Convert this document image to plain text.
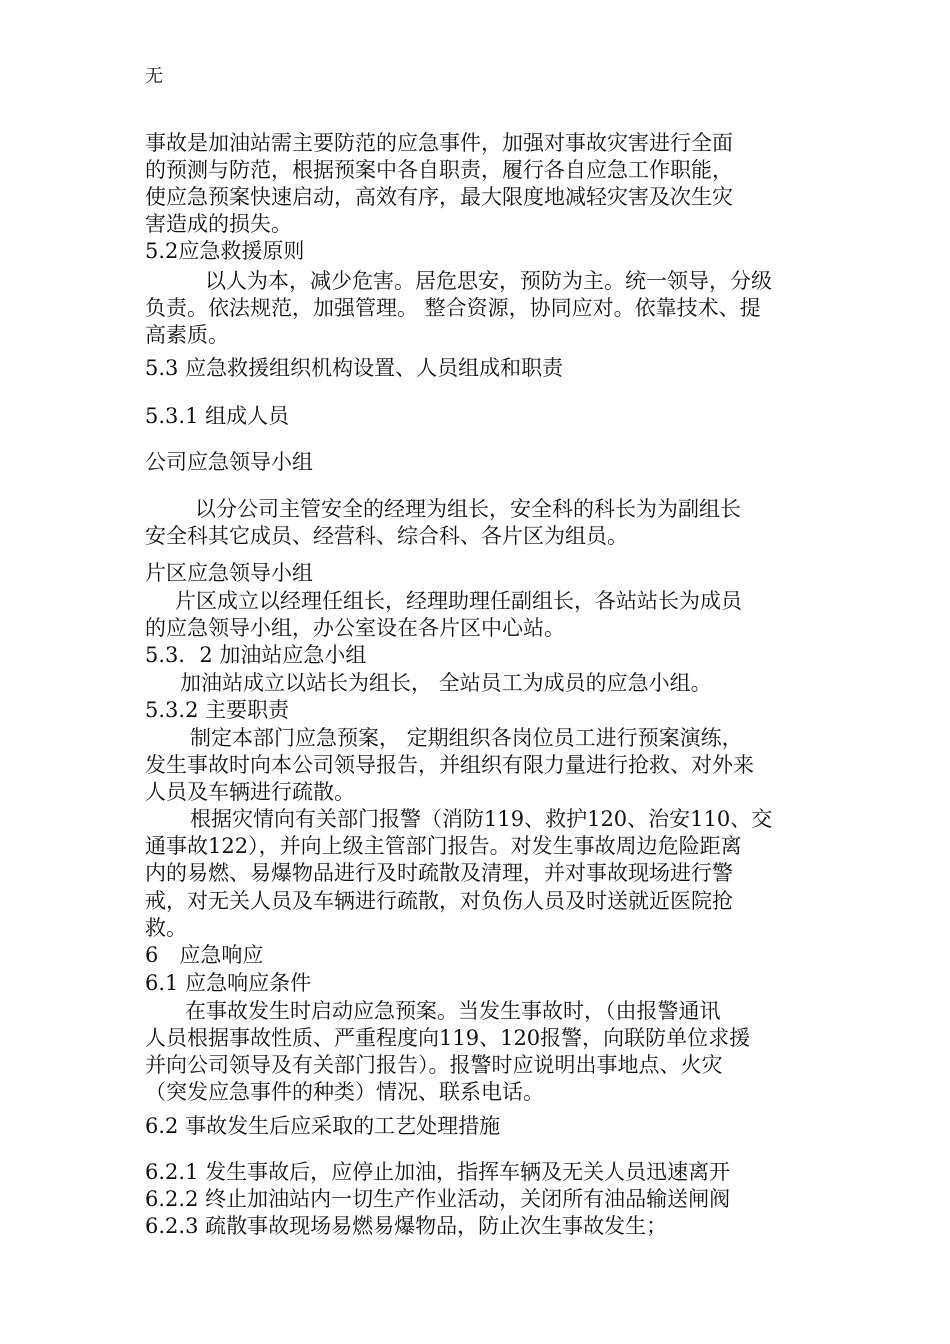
无
事故是加油站需主要防范的应急事件，加强对事故灾害进行全面
的预测与防范，根据预案中各自职责，履行各自应急工作职能，
使应急预案快速启动，高效有序，最大限度地减轻灾害及次生灾
害造成的损失。
5.2应急救援原则
以人为本，减少危害。居危思安，预防为主。统一领导，分级
负责。依法规范，加强管理。 整合资源，协同应对。依靠技术、提
高素质。
5.3 应急救援组织机构设置、人员组成和职责
5.3.1 组成人员
公司应急领导小组
以分公司主管安全的经理为组长，安全科的科长为为副组长
安全科其它成员、经营科、综合科、各片区为组员。
片区应急领导小组
片区成立以经理任组长，经理助理任副组长，各站站长为成员
的应急领导小组，办公室设在各片区中心站。
5.3．2 加油站应急小组
加油站成立以站长为组长， 全站员工为成员的应急小组。
5.3.2 主要职责
制定本部门应急预案， 定期组织各岗位员工进行预案演练，
发生事故时向本公司领导报告，并组织有限力量进行抢救、对外来
人员及车辆进行疏散。
根据灾情向有关部门报警（消防119、救护120、治安110、交
通事故122），并向上级主管部门报告。对发生事故周边危险距离
内的易燃、易爆物品进行及时疏散及清理，并对事故现场进行警
戒，对无关人员及车辆进行疏散，对负伤人员及时送就近医院抢
救。
6　应急响应
6.1 应急响应条件
在事故发生时启动应急预案。当发生事故时，（由报警通讯
人员根据事故性质、严重程度向119、120报警，向联防单位求援
并向公司领导及有关部门报告）。报警时应说明出事地点、火灾
（突发应急事件的种类）情况、联系电话。
6.2 事故发生后应采取的工艺处理措施
6.2.1 发生事故后，应停止加油，指挥车辆及无关人员迅速离开
6.2.2 终止加油站内一切生产作业活动，关闭所有油品输送闸阀
6.2.3 疏散事故现场易燃易爆物品，防止次生事故发生；
